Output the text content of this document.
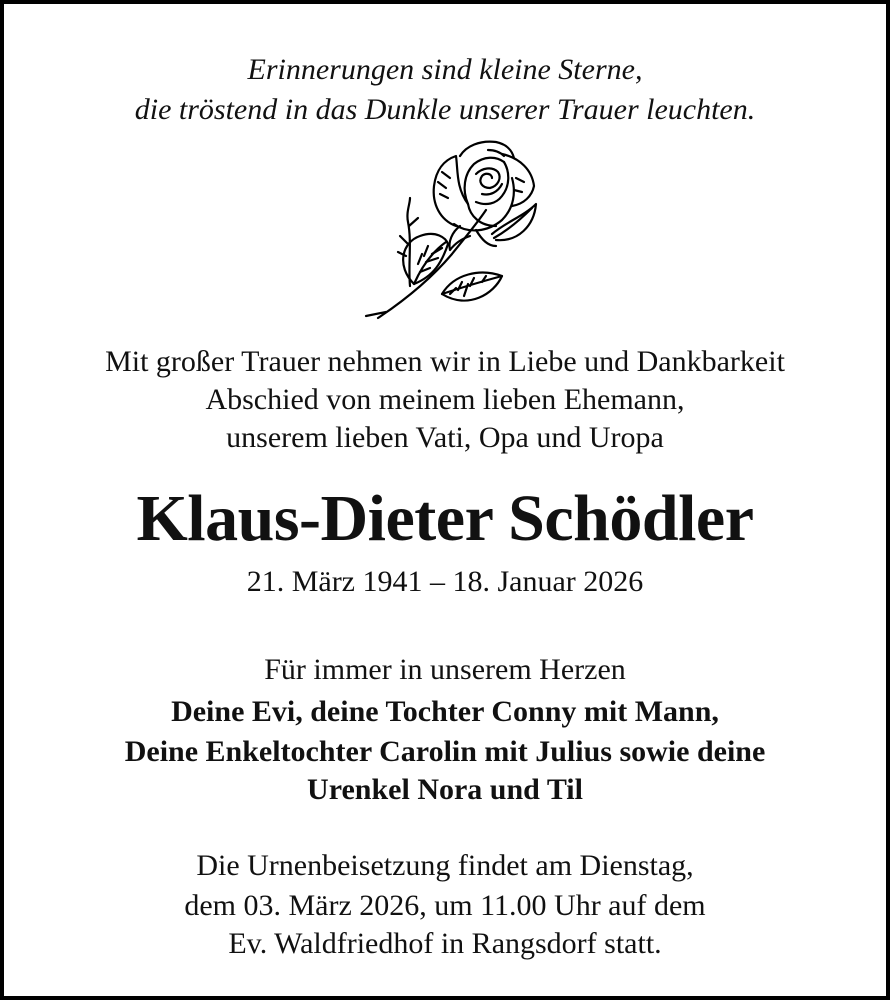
Erinnerungen sind kleine Sterne,
die tröstend in das Dunkle unserer Trauer leuchten.
Mit großer Trauer nehmen wir in Liebe und Dankbarkeit
Abschied von meinem lieben Ehemann,
unserem lieben Vati, Opa und Uropa
Klaus-Dieter Schödler
21. März 1941 – 18. Januar 2026
Für immer in unserem Herzen
Deine Evi, deine Tochter Conny mit Mann,
Deine Enkeltochter Carolin mit Julius sowie deine
Urenkel Nora und Til
Die Urnenbeisetzung findet am Dienstag,
dem 03. März 2026, um 11.00 Uhr auf dem
Ev. Waldfriedhof in Rangsdorf statt.
